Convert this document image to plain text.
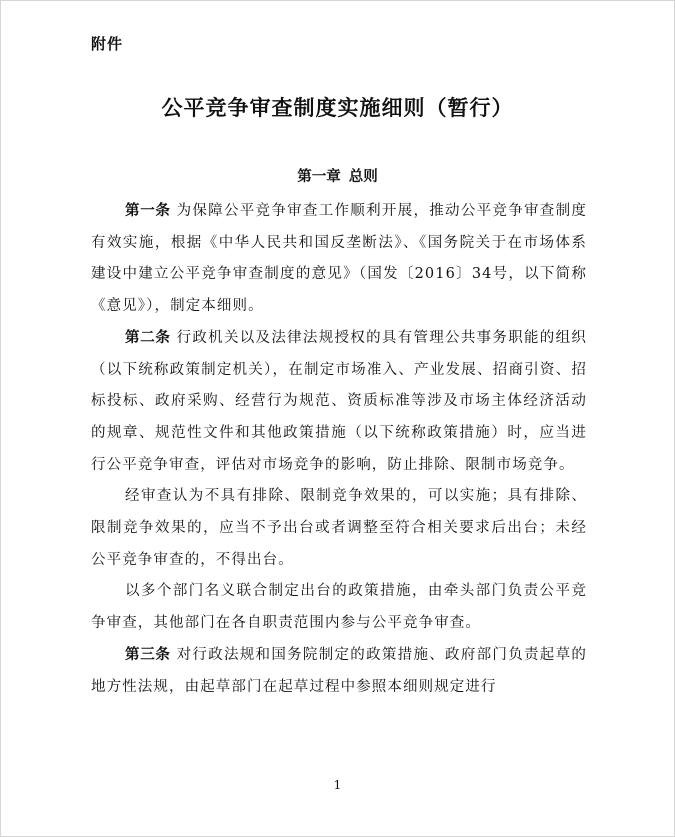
附件
公平竞争审查制度实施细则（暂行）
第一章 总则

第一条 为保障公平竞争审查工作顺利开展，推动公平竞争审查制度有效实施，根据《中华人民共和国反垄断法》、《国务院关于在市场体系建设中建立公平竞争审查制度的意见》（国发〔2016〕34号，以下简称《意见》），制定本细则。

第二条 行政机关以及法律法规授权的具有管理公共事务职能的组织（以下统称政策制定机关），在制定市场准入、产业发展、招商引资、招标投标、政府采购、经营行为规范、资质标准等涉及市场主体经济活动的规章、规范性文件和其他政策措施（以下统称政策措施）时，应当进行公平竞争审查，评估对市场竞争的影响，防止排除、限制市场竞争。

经审查认为不具有排除、限制竞争效果的，可以实施；具有排除、限制竞争效果的，应当不予出台或者调整至符合相关要求后出台；未经公平竞争审查的，不得出台。

以多个部门名义联合制定出台的政策措施，由牵头部门负责公平竞争审查，其他部门在各自职责范围内参与公平竞争审查。

第三条 对行政法规和国务院制定的政策措施、政府部门负责起草的地方性法规，由起草部门在起草过程中参照本细则规定进行

1
